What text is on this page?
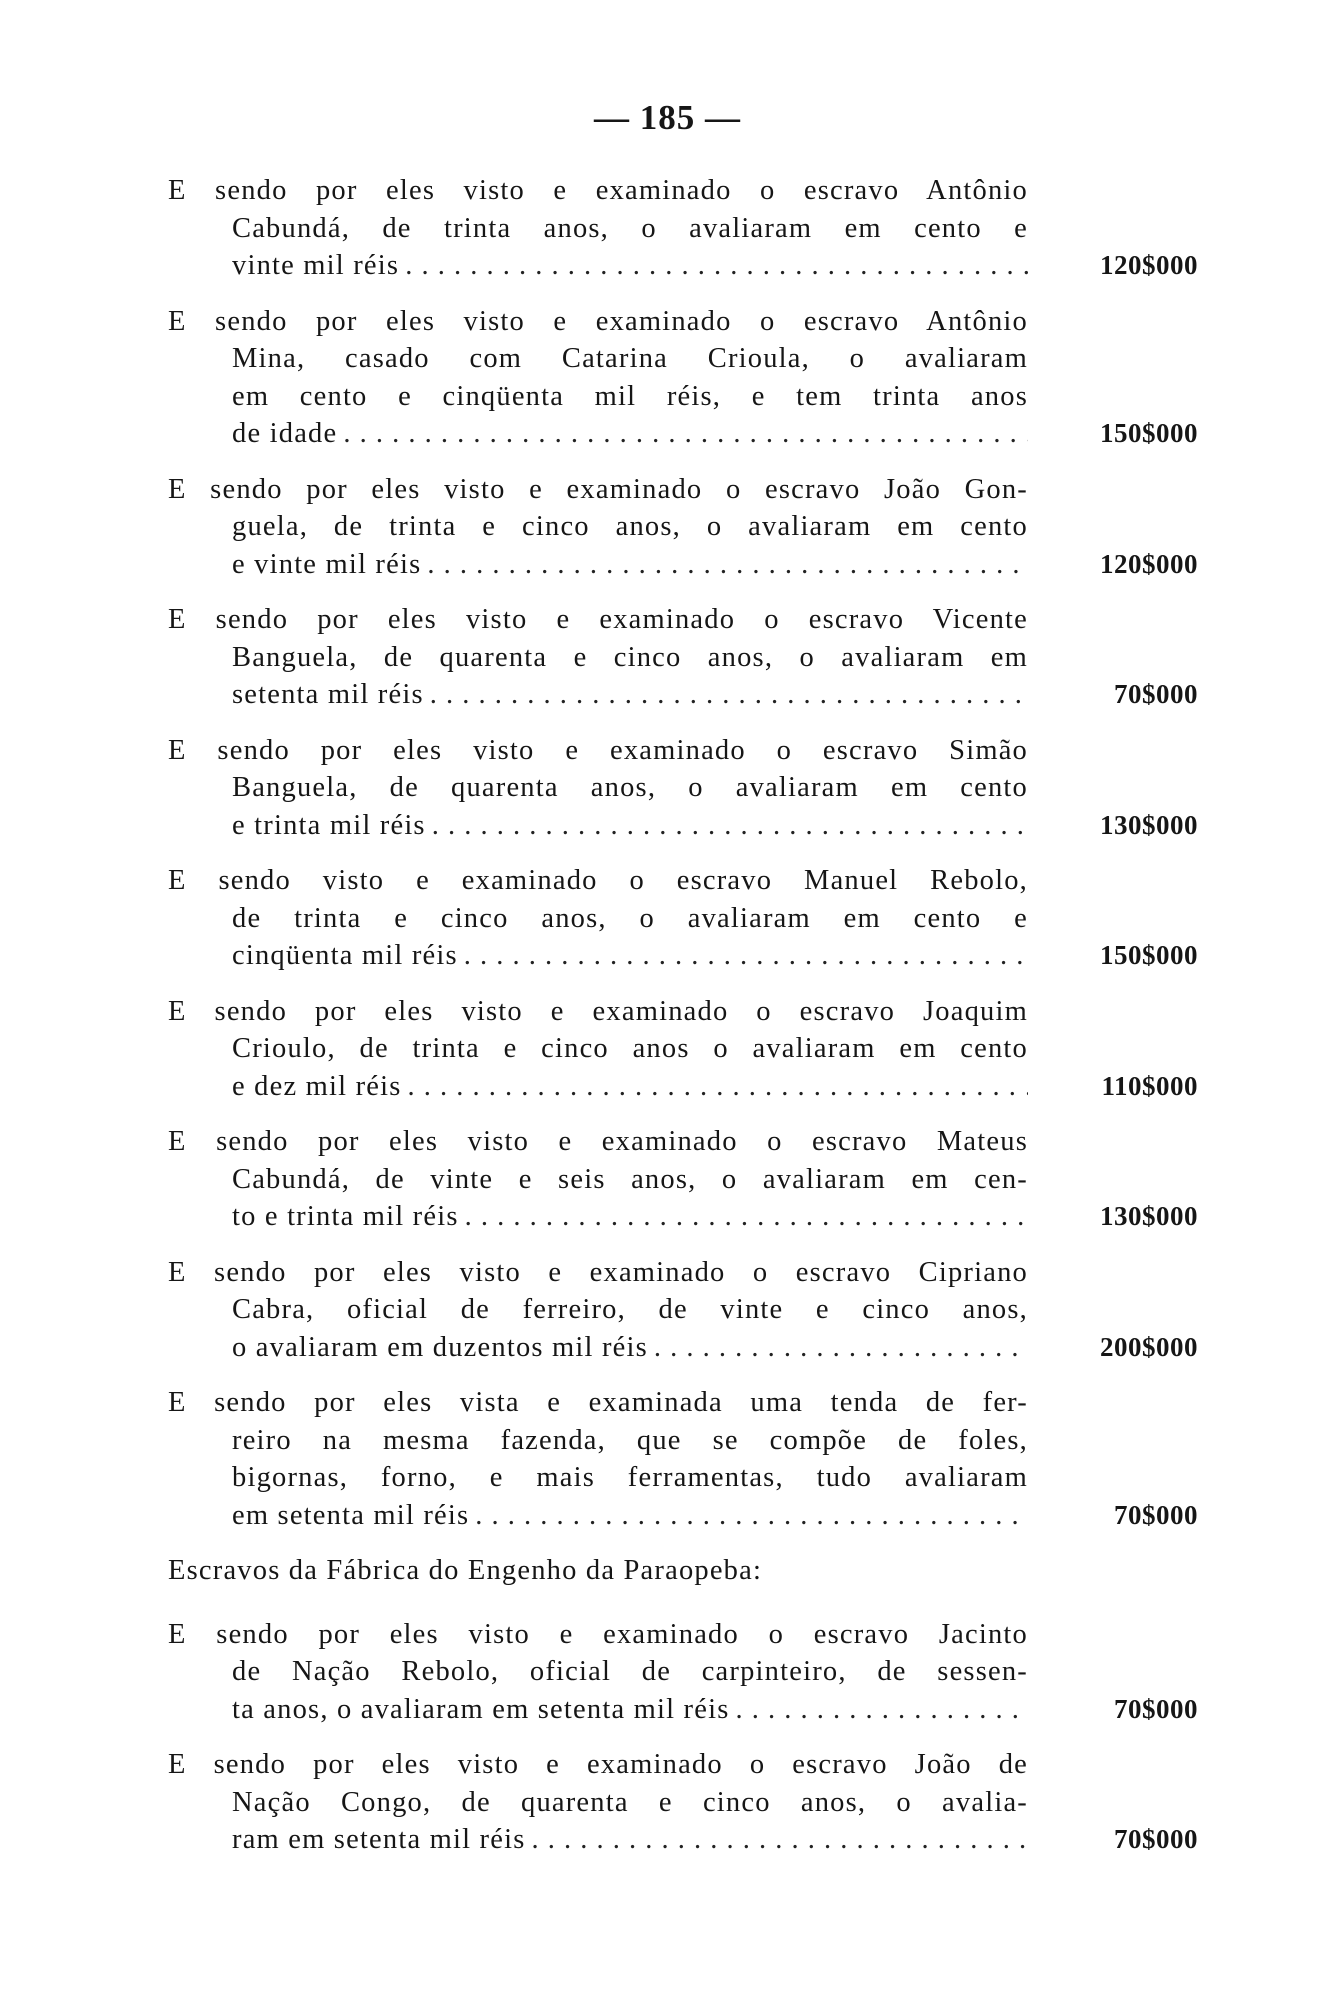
— 185 —
E sendo por eles visto e examinado o escravo Antônio
Cabundá, de trinta anos, o avaliaram em cento e
vinte mil réis . . .	120$000
E sendo por eles visto e examinado o escravo Antônio
Mina, casado com Catarina Crioula, o avaliaram
em cento e cinqüenta mil réis, e tem trinta anos
de idade . . .	150$000
E sendo por eles visto e examinado o escravo João Gon-
guela, de trinta e cinco anos, o avaliaram em cento
e vinte mil réis . . .	120$000
E sendo por eles visto e examinado o escravo Vicente
Banguela, de quarenta e cinco anos, o avaliaram em
setenta mil réis . . .	70$000
E sendo por eles visto e examinado o escravo Simão
Banguela, de quarenta anos, o avaliaram em cento
e trinta mil réis . . .	130$000
E sendo visto e examinado o escravo Manuel Rebolo,
de trinta e cinco anos, o avaliaram em cento e
cinqüenta mil réis . . .	150$000
E sendo por eles visto e examinado o escravo Joaquim
Crioulo, de trinta e cinco anos o avaliaram em cento
e dez mil réis . . .	110$000
E sendo por eles visto e examinado o escravo Mateus
Cabundá, de vinte e seis anos, o avaliaram em cen-
to e trinta mil réis . . .	130$000
E sendo por eles visto e examinado o escravo Cipriano
Cabra, oficial de ferreiro, de vinte e cinco anos,
o avaliaram em duzentos mil réis . . .	200$000
E sendo por eles vista e examinada uma tenda de fer-
reiro na mesma fazenda, que se compõe de foles,
bigornas, forno, e mais ferramentas, tudo avaliaram
em setenta mil réis . . .	70$000
Escravos da Fábrica do Engenho da Paraopeba:
E sendo por eles visto e examinado o escravo Jacinto
de Nação Rebolo, oficial de carpinteiro, de sessen-
ta anos, o avaliaram em setenta mil réis . . .	70$000
E sendo por eles visto e examinado o escravo João de
Nação Congo, de quarenta e cinco anos, o avalia-
ram em setenta mil réis . . .	70$000
